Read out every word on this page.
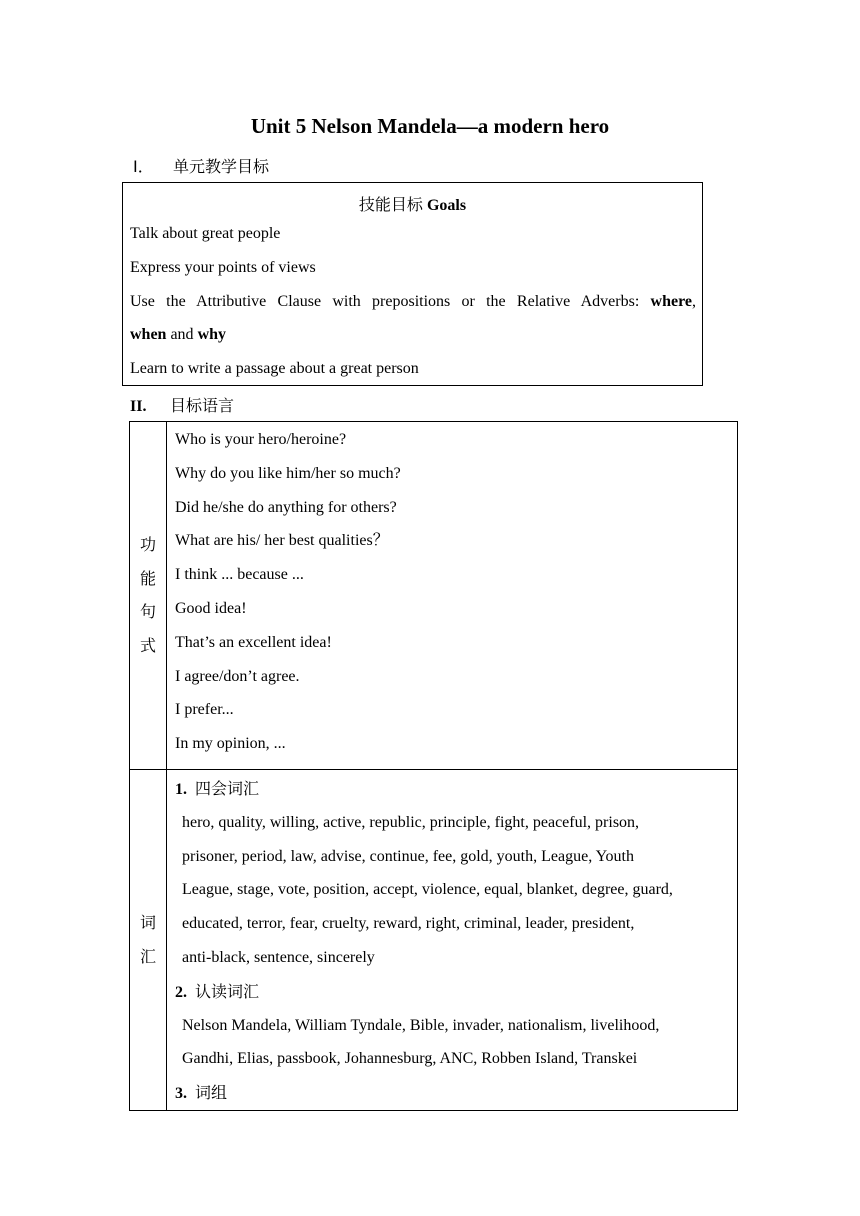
Unit 5 Nelson Mandela—a modern hero
Ⅰ． 单元教学目标
技能目标 Goals
Talk about great people
Express your points of views
Use the Attributive Clause with prepositions or the Relative Adverbs: where,
when and why
Learn to write a passage about a great person
II. 目标语言
功
能
句
式
Who is your hero/heroine?
Why do you like him/her so much?
Did he/she do anything for others?
What are his/ her best qualities？
I think ... because ...
Good idea!
That’s an excellent idea!
I agree/don’t agree.
I prefer...
In my opinion, ...
词
汇
1. 四会词汇
hero, quality, willing, active, republic, principle, fight, peaceful, prison,
prisoner, period, law, advise, continue, fee, gold, youth, League, Youth
League, stage, vote, position, accept, violence, equal, blanket, degree, guard,
educated, terror, fear, cruelty, reward, right, criminal, leader, president,
anti-black, sentence, sincerely
2. 认读词汇
Nelson Mandela, William Tyndale, Bible, invader, nationalism, livelihood,
Gandhi, Elias, passbook, Johannesburg, ANC, Robben Island, Transkei
3. 词组
